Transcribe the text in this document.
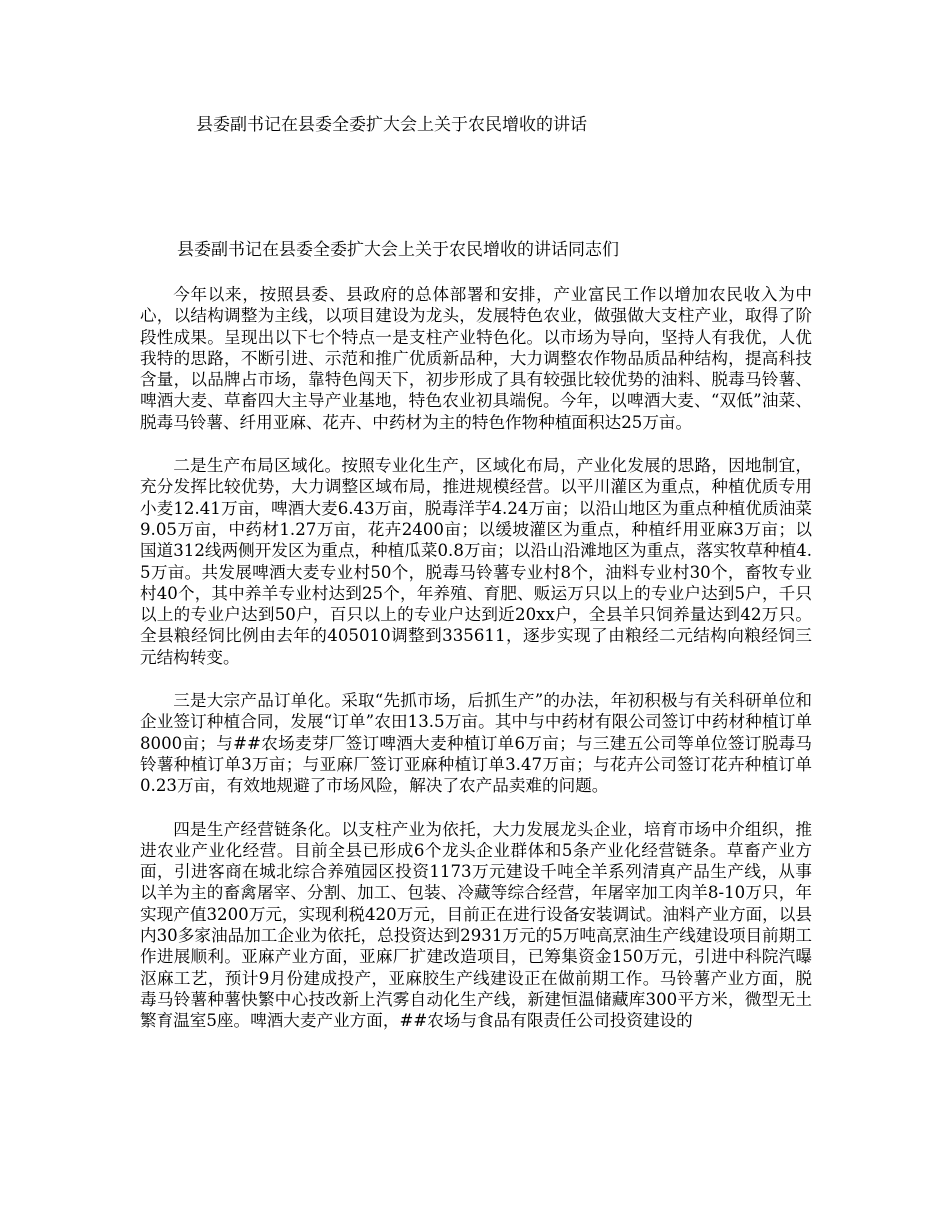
县委副书记在县委全委扩大会上关于农民增收的讲话
县委副书记在县委全委扩大会上关于农民增收的讲话同志们

今年以来，按照县委、县政府的总体部署和安排，产业富民工作以增加农民收入为中心，以结构调整为主线，以项目建设为龙头，发展特色农业，做强做大支柱产业，取得了阶段性成果。呈现出以下七个特点一是支柱产业特色化。以市场为导向，坚持人有我优，人优我特的思路，不断引进、示范和推广优质新品种，大力调整农作物品质品种结构，提高科技含量，以品牌占市场，靠特色闯天下，初步形成了具有较强比较优势的油料、脱毒马铃薯、啤酒大麦、草畜四大主导产业基地，特色农业初具端倪。今年，以啤酒大麦、“双低”油菜、脱毒马铃薯、纤用亚麻、花卉、中药材为主的特色作物种植面积达25万亩。

二是生产布局区域化。按照专业化生产，区域化布局，产业化发展的思路，因地制宜，充分发挥比较优势，大力调整区域布局，推进规模经营。以平川灌区为重点，种植优质专用小麦12.41万亩，啤酒大麦6.43万亩，脱毒洋芋4.24万亩；以沿山地区为重点种植优质油菜9.05万亩，中药材1.27万亩，花卉2400亩；以缓坡灌区为重点，种植纤用亚麻3万亩；以国道312线两侧开发区为重点，种植瓜菜0.8万亩；以沿山沿滩地区为重点，落实牧草种植4.5万亩。共发展啤酒大麦专业村50个，脱毒马铃薯专业村8个，油料专业村30个，畜牧专业村40个，其中养羊专业村达到25个，年养殖、育肥、贩运万只以上的专业户达到5户，千只以上的专业户达到50户，百只以上的专业户达到近20xx户，全县羊只饲养量达到42万只。全县粮经饲比例由去年的405010调整到335611，逐步实现了由粮经二元结构向粮经饲三元结构转变。

三是大宗产品订单化。采取“先抓市场，后抓生产”的办法，年初积极与有关科研单位和企业签订种植合同，发展“订单”农田13.5万亩。其中与中药材有限公司签订中药材种植订单8000亩；与##农场麦芽厂签订啤酒大麦种植订单6万亩；与三建五公司等单位签订脱毒马铃薯种植订单3万亩；与亚麻厂签订亚麻种植订单3.47万亩；与花卉公司签订花卉种植订单0.23万亩，有效地规避了市场风险，解决了农产品卖难的问题。

四是生产经营链条化。以支柱产业为依托，大力发展龙头企业，培育市场中介组织，推进农业产业化经营。目前全县已形成6个龙头企业群体和5条产业化经营链条。草畜产业方面，引进客商在城北综合养殖园区投资1173万元建设千吨全羊系列清真产品生产线，从事以羊为主的畜禽屠宰、分割、加工、包装、冷藏等综合经营，年屠宰加工肉羊8-10万只，年实现产值3200万元，实现利税420万元，目前正在进行设备安装调试。油料产业方面，以县内30多家油品加工企业为依托，总投资达到2931万元的5万吨高烹油生产线建设项目前期工作进展顺利。亚麻产业方面，亚麻厂扩建改造项目，已筹集资金150万元，引进中科院汽曝沤麻工艺，预计9月份建成投产，亚麻胶生产线建设正在做前期工作。马铃薯产业方面，脱毒马铃薯种薯快繁中心技改新上汽雾自动化生产线，新建恒温储藏库300平方米，微型无土繁育温室5座。啤酒大麦产业方面，##农场与食品有限责任公司投资建设的
